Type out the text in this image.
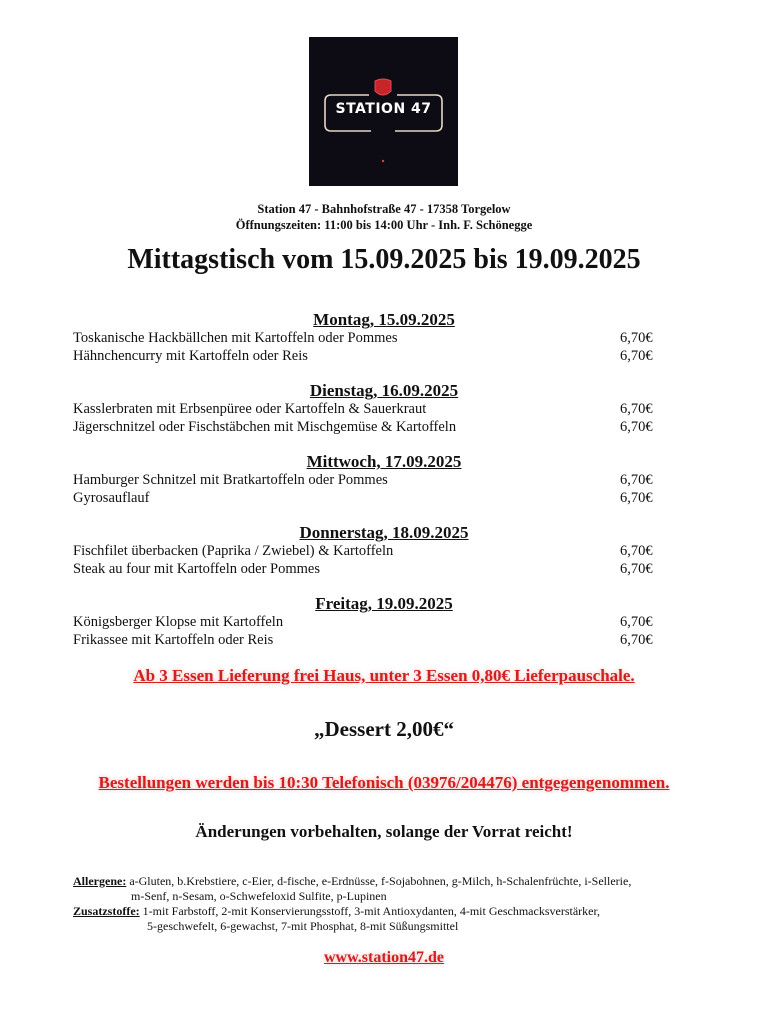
STATION 47
Station 47 - Bahnhofstraße 47 - 17358 Torgelow
Öffnungszeiten: 11:00 bis 14:00 Uhr - Inh. F. Schönegge
Mittagstisch vom 15.09.2025 bis 19.09.2025
Montag, 15.09.2025
Toskanische Hackbällchen mit Kartoffeln oder Pommes	6,70€
Hähnchencurry mit Kartoffeln oder Reis	6,70€
Dienstag, 16.09.2025
Kasslerbraten mit Erbsenpüree oder Kartoffeln & Sauerkraut	6,70€
Jägerschnitzel oder Fischstäbchen mit Mischgemüse & Kartoffeln	6,70€
Mittwoch, 17.09.2025
Hamburger Schnitzel mit Bratkartoffeln oder Pommes	6,70€
Gyrosauflauf	6,70€
Donnerstag, 18.09.2025
Fischfilet überbacken (Paprika / Zwiebel) & Kartoffeln	6,70€
Steak au four mit Kartoffeln oder Pommes	6,70€
Freitag, 19.09.2025
Königsberger Klopse mit Kartoffeln	6,70€
Frikassee mit Kartoffeln oder Reis	6,70€
Ab 3 Essen Lieferung frei Haus, unter 3 Essen 0,80€ Lieferpauschale.
„Dessert 2,00€“
Bestellungen werden bis 10:30 Telefonisch (03976/204476) entgegengenommen.
Änderungen vorbehalten, solange der Vorrat reicht!
Allergene: a-Gluten, b.Krebstiere, c-Eier, d-fische, e-Erdnüsse, f-Sojabohnen, g-Milch, h-Schalenfrüchte, i-Sellerie,
m-Senf, n-Sesam, o-Schwefeloxid Sulfite, p-Lupinen
Zusatzstoffe: 1-mit Farbstoff, 2-mit Konservierungsstoff, 3-mit Antioxydanten, 4-mit Geschmacksverstärker,
5-geschwefelt, 6-gewachst, 7-mit Phosphat, 8-mit Süßungsmittel
www.station47.de
